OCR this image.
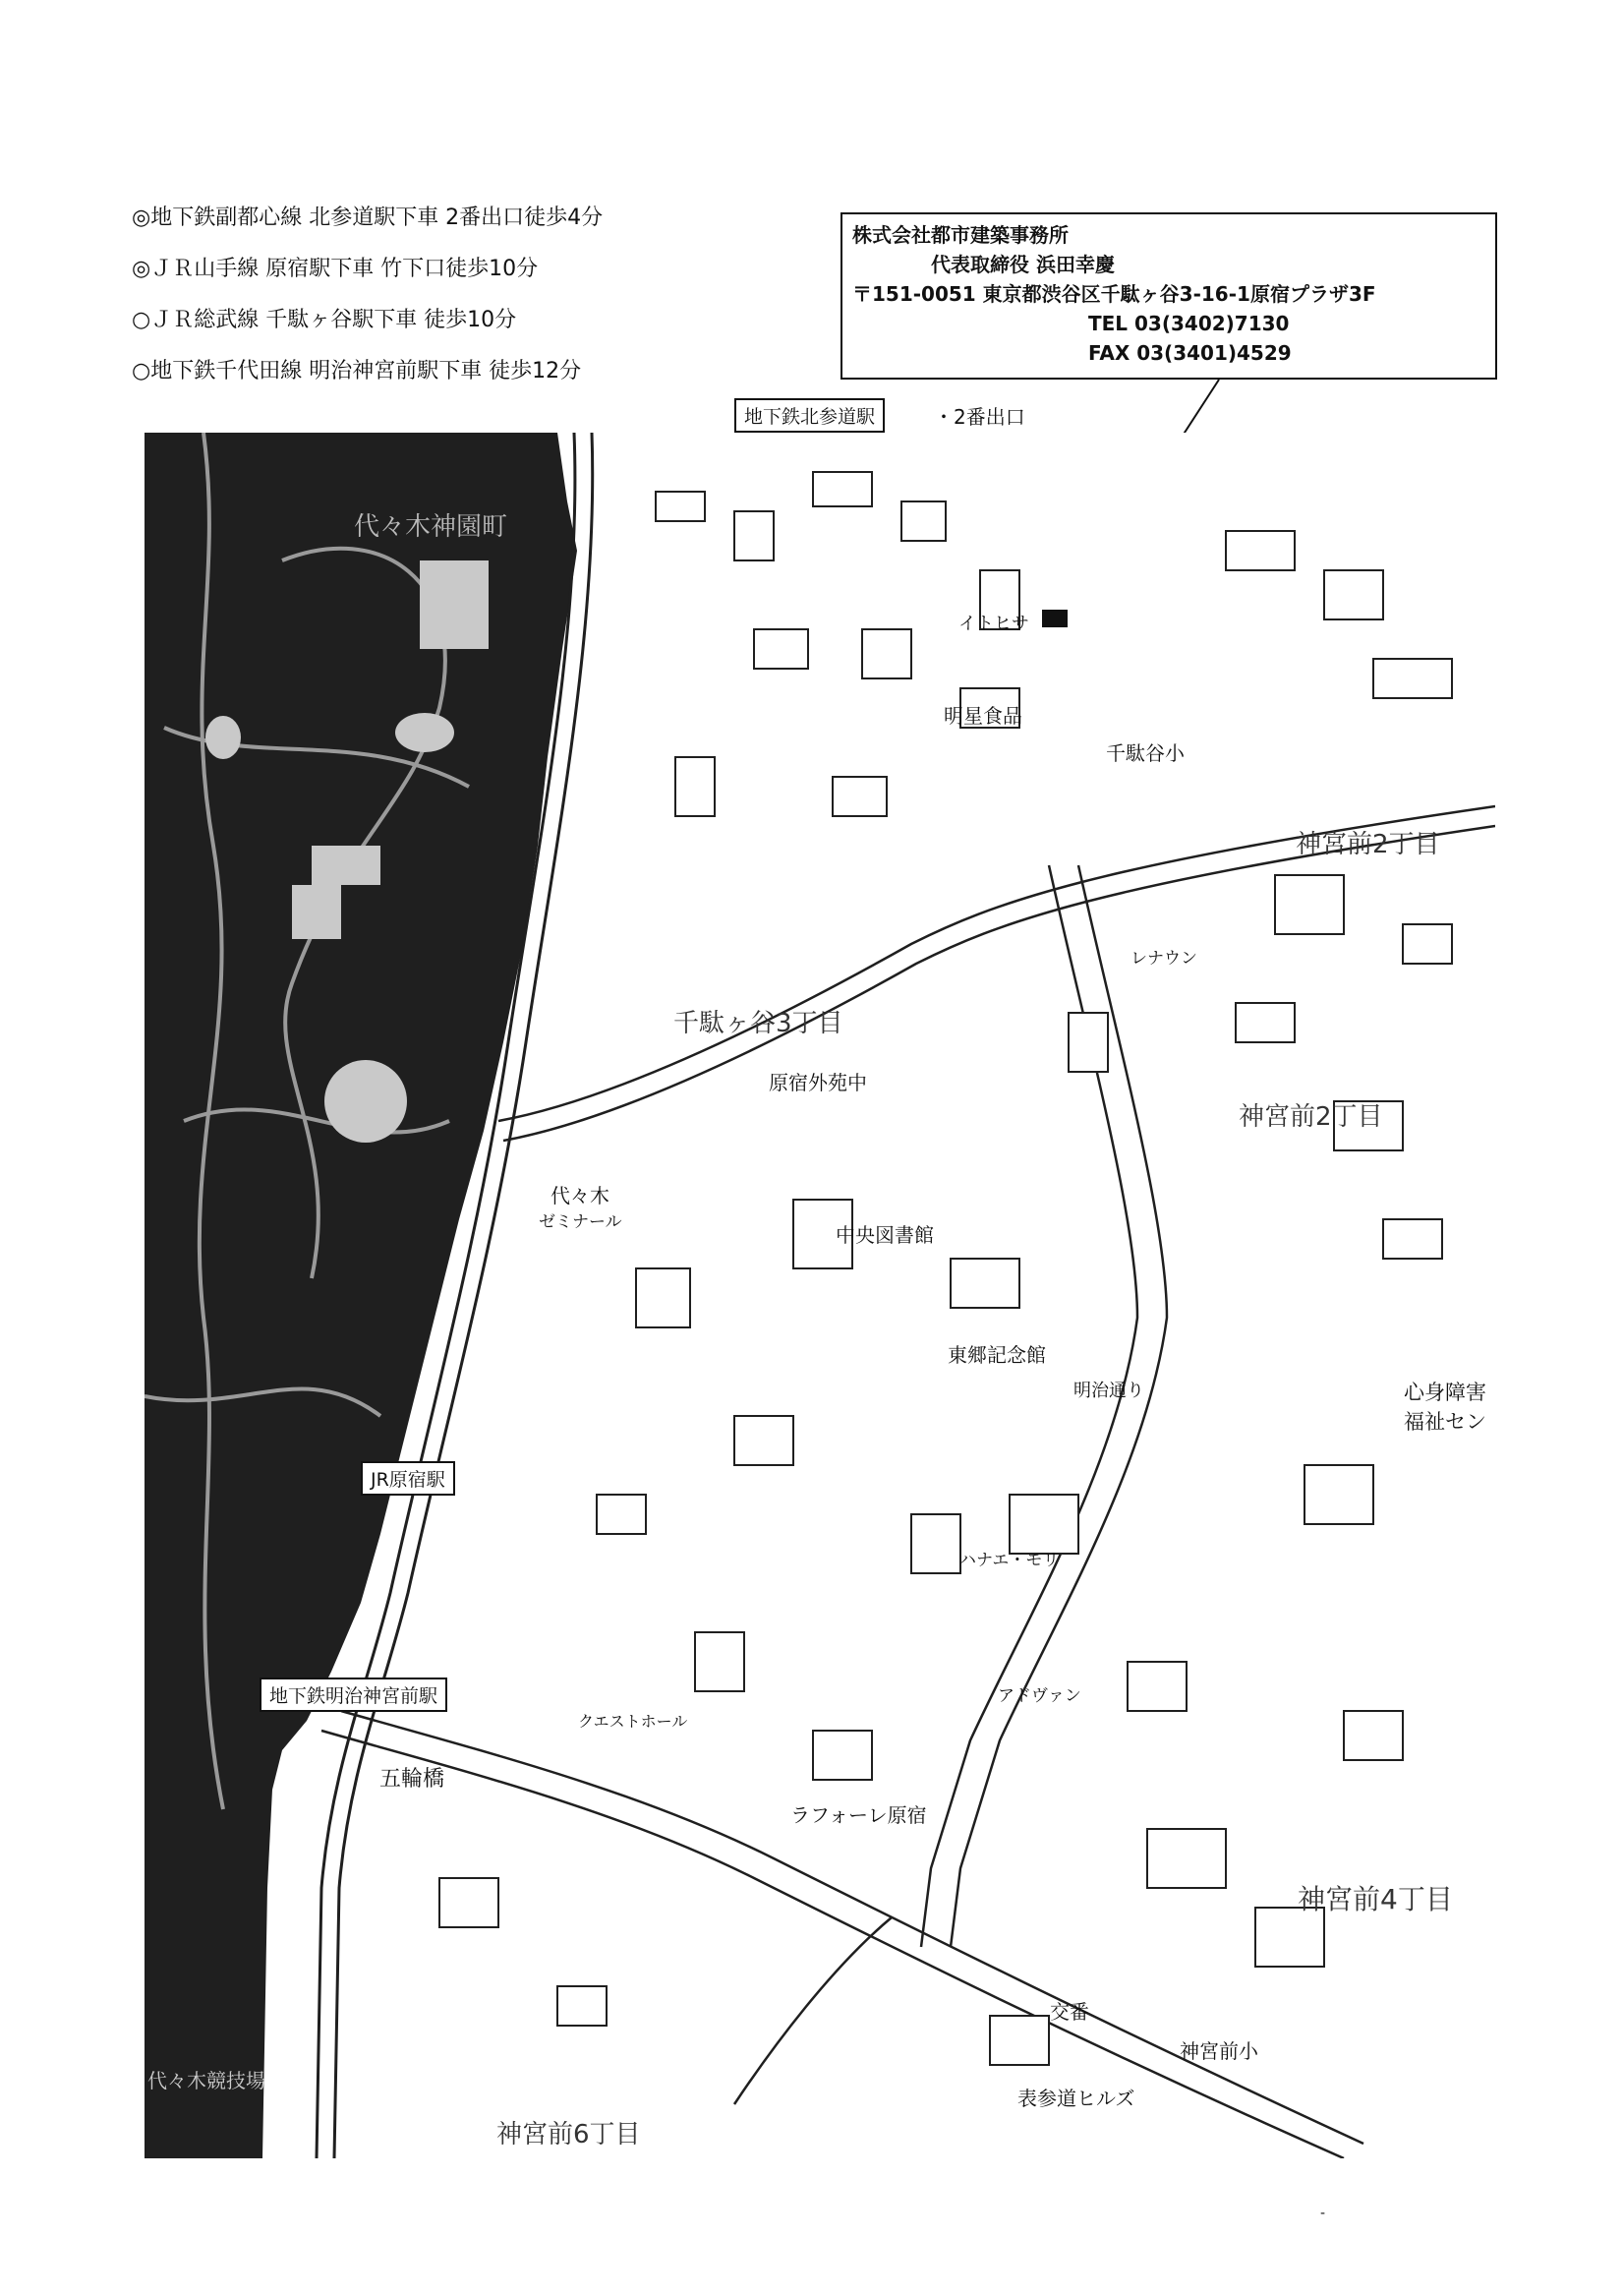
◎地下鉄副都心線 北参道駅下車 2番出口徒歩4分
◎ＪＲ山手線 原宿駅下車 竹下口徒歩10分
○ＪＲ総武線 千駄ヶ谷駅下車 徒歩10分
○地下鉄千代田線 明治神宮前駅下車 徒歩12分
株式会社都市建築事務所
代表取締役 浜田幸慶
〒151-0051 東京都渋谷区千駄ヶ谷3-16-1原宿プラザ3F
TEL 03(3402)7130
FAX 03(3401)4529
地下鉄北参道駅	・2番出口
代々木神園町
イトヒサ
明星食品
千駄谷小
神宮前2丁目
レナウン
千駄ヶ谷3丁目
原宿外苑中
神宮前2丁目
代々木
ゼミナール
中央図書館
東郷記念館
明治通り	心身障害
福祉セン
ハナエ・モリ
アドヴァン
クエストホール
五輪橋
ラフォーレ原宿
神宮前4丁目
交番
神宮前小
代々木競技場
表参道ヒルズ
神宮前6丁目
JR原宿駅
地下鉄明治神宮前駅
-
